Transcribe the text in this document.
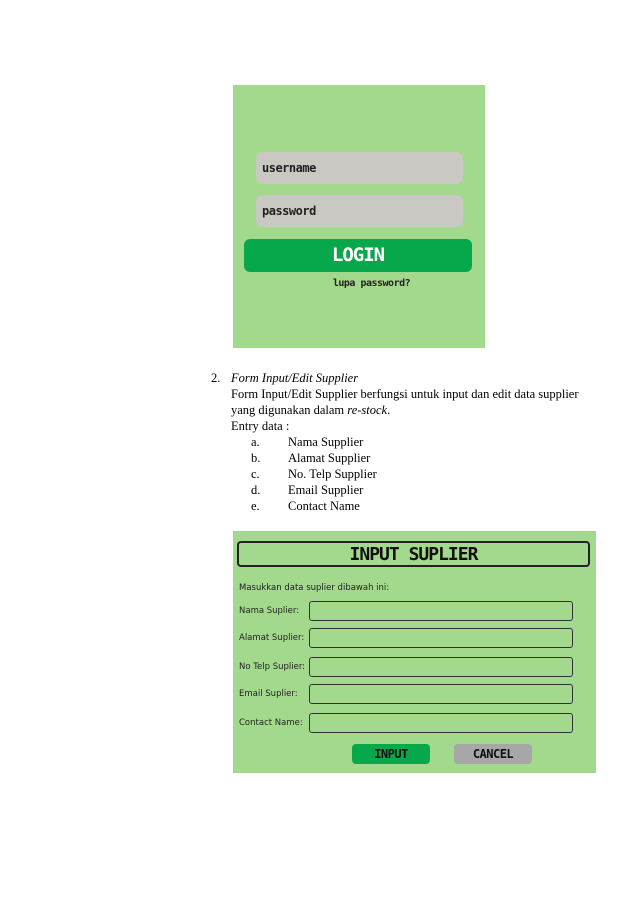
username
password
LOGIN
lupa password?
2. Form Input/Edit Supplier
Form Input/Edit Supplier berfungsi untuk input dan edit data supplier
yang digunakan dalam re-stock.
Entry data :
a. Nama Supplier
b. Alamat Supplier
c. No. Telp Supplier
d. Email Supplier
e. Contact Name
INPUT SUPLIER
Masukkan data suplier dibawah ini:
Nama Suplier:
Alamat Suplier:
No Telp Suplier:
Email Suplier:
Contact Name:
INPUT	CANCEL
